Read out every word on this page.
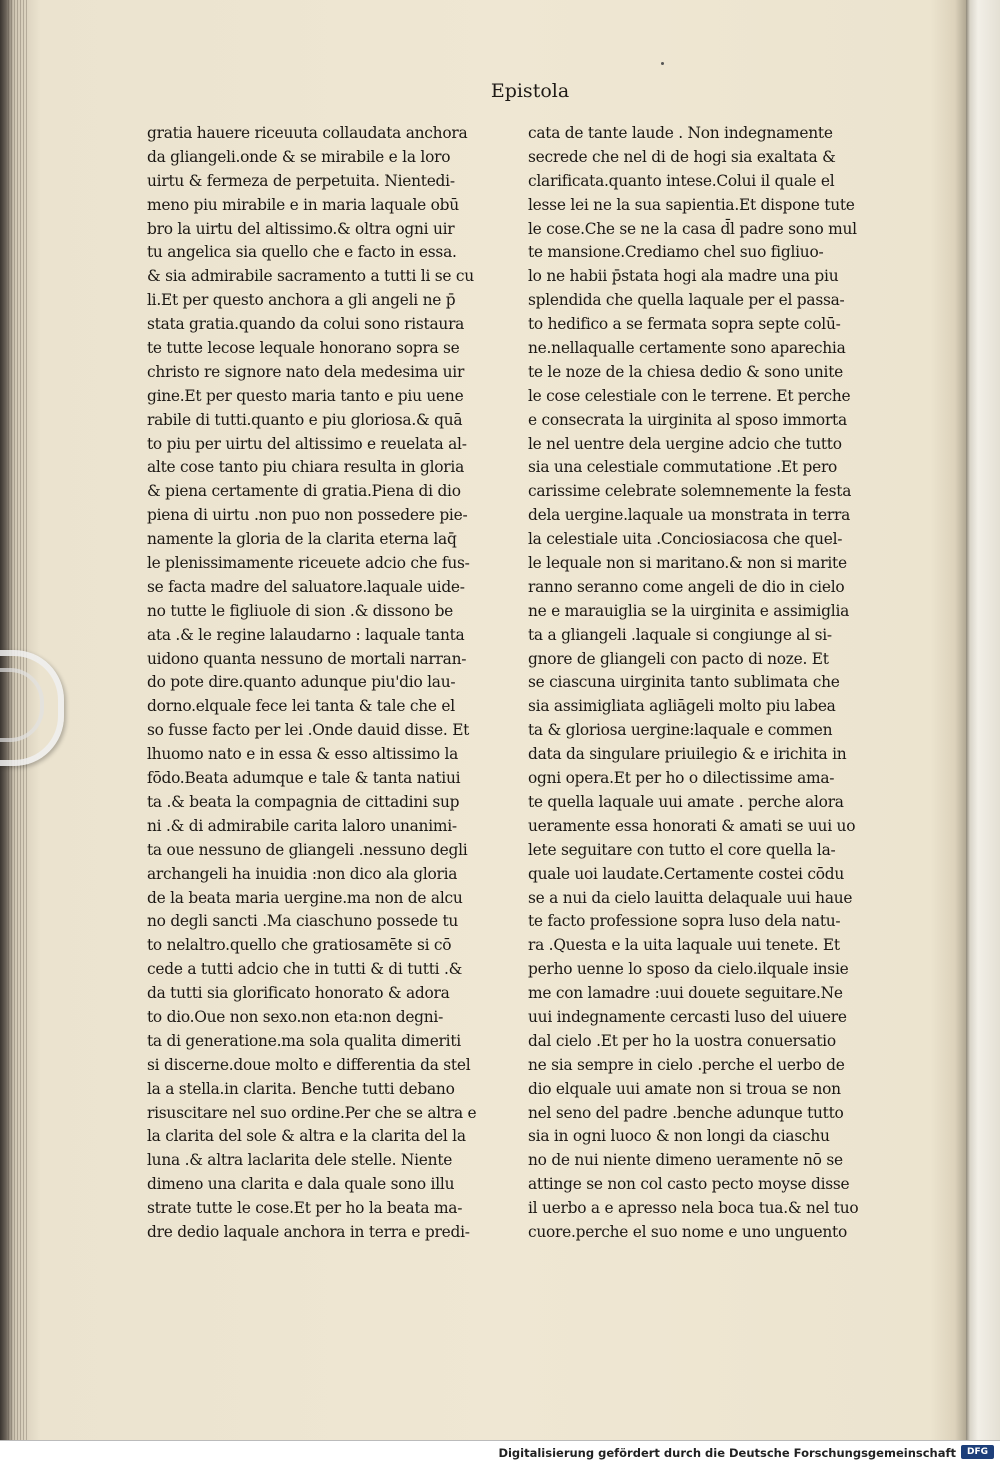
Epistola
gratia hauere riceuuta collaudata anchora
da gliangeli.onde & se mirabile e la loro
uirtu & fermeza de perpetuita. Nientedi-
meno piu mirabile e in maria laquale obū
bro la uirtu del altissimo.& oltra ogni uir
tu angelica sia quello che e facto in essa.
& sia admirabile sacramento a tutti li se cu
li.Et per questo anchora a gli angeli ne p̄
stata gratia.quando da colui sono ristaura
te tutte lecose lequale honorano sopra se
christo re signore nato dela medesima uir
gine.Et per questo maria tanto e piu uene
rabile di tutti.quanto e piu gloriosa.& quā
to piu per uirtu del altissimo e reuelata al-
alte cose tanto piu chiara resulta in gloria
& piena certamente di gratia.Piena di dio
piena di uirtu .non puo non possedere pie-
namente la gloria de la clarita eterna laq̄
le plenissimamente riceuete adcio che fus-
se facta madre del saluatore.laquale uide-
no tutte le figliuole di sion .& dissono be
ata .& le regine lalaudarno : laquale tanta
uidono quanta nessuno de mortali narran-
do pote dire.quanto adunque piu'dio lau-
dorno.elquale fece lei tanta & tale che el
so fusse facto per lei .Onde dauid disse. Et
lhuomo nato e in essa & esso altissimo la
fōdo.Beata adumque e tale & tanta natiui
ta .& beata la compagnia de cittadini sup
ni .& di admirabile carita laloro unanimi-
ta oue nessuno de gliangeli .nessuno degli
archangeli ha inuidia :non dico ala gloria
de la beata maria uergine.ma non de alcu
no degli sancti .Ma ciaschuno possede tu
to nelaltro.quello che gratiosamēte si cō
cede a tutti adcio che in tutti & di tutti .&
da tutti sia glorificato honorato & adora
to dio.Oue non sexo.non eta:non degni-
ta di generatione.ma sola qualita dimeriti
si discerne.doue molto e differentia da stel
la a stella.in clarita. Benche tutti debano
risuscitare nel suo ordine.Per che se altra e
la clarita del sole & altra e la clarita del la
luna .& altra laclarita dele stelle. Niente
dimeno una clarita e dala quale sono illu
strate tutte le cose.Et per ho la beata ma-
dre dedio laquale anchora in terra e predi-
cata de tante laude . Non indegnamente
secrede che nel di de hogi sia exaltata &
clarificata.quanto intese.Colui il quale el
lesse lei ne la sua sapientia.Et dispone tute
le cose.Che se ne la casa d̄l padre sono mul
te mansione.Crediamo chel suo figliuo-
lo ne habii p̄stata hogi ala madre una piu
splendida che quella laquale per el passa-
to hedifico a se fermata sopra septe colū-
ne.nellaqualle certamente sono aparechia
te le noze de la chiesa dedio & sono unite
le cose celestiale con le terrene. Et perche
e consecrata la uirginita al sposo immorta
le nel uentre dela uergine adcio che tutto
sia una celestiale commutatione .Et pero
carissime celebrate solemnemente la festa
dela uergine.laquale ua monstrata in terra
la celestiale uita .Conciosiacosa che quel-
le lequale non si maritano.& non si marite
ranno seranno come angeli de dio in cielo
ne e marauiglia se la uirginita e assimiglia
ta a gliangeli .laquale si congiunge al si-
gnore de gliangeli con pacto di noze. Et
se ciascuna uirginita tanto sublimata che
sia assimigliata agliāgeli molto piu labea
ta & gloriosa uergine:laquale e commen
data da singulare priuilegio & e irichita in
ogni opera.Et per ho o dilectissime ama-
te quella laquale uui amate . perche alora
ueramente essa honorati & amati se uui uo
lete seguitare con tutto el core quella la-
quale uoi laudate.Certamente costei cōdu
se a nui da cielo lauitta delaquale uui haue
te facto professione sopra luso dela natu-
ra .Questa e la uita laquale uui tenete. Et
perho uenne lo sposo da cielo.ilquale insie
me con lamadre :uui douete seguitare.Ne
uui indegnamente cercasti luso del uiuere
dal cielo .Et per ho la uostra conuersatio
ne sia sempre in cielo .perche el uerbo de
dio elquale uui amate non si troua se non
nel seno del padre .benche adunque tutto
sia in ogni luoco & non longi da ciaschu
no de nui niente dimeno ueramente nō se
attinge se non col casto pecto moyse disse
il uerbo a e apresso nela boca tua.& nel tuo
cuore.perche el suo nome e uno unguento
Digitalisierung gefördert durch die Deutsche Forschungsgemeinschaft	DFG
